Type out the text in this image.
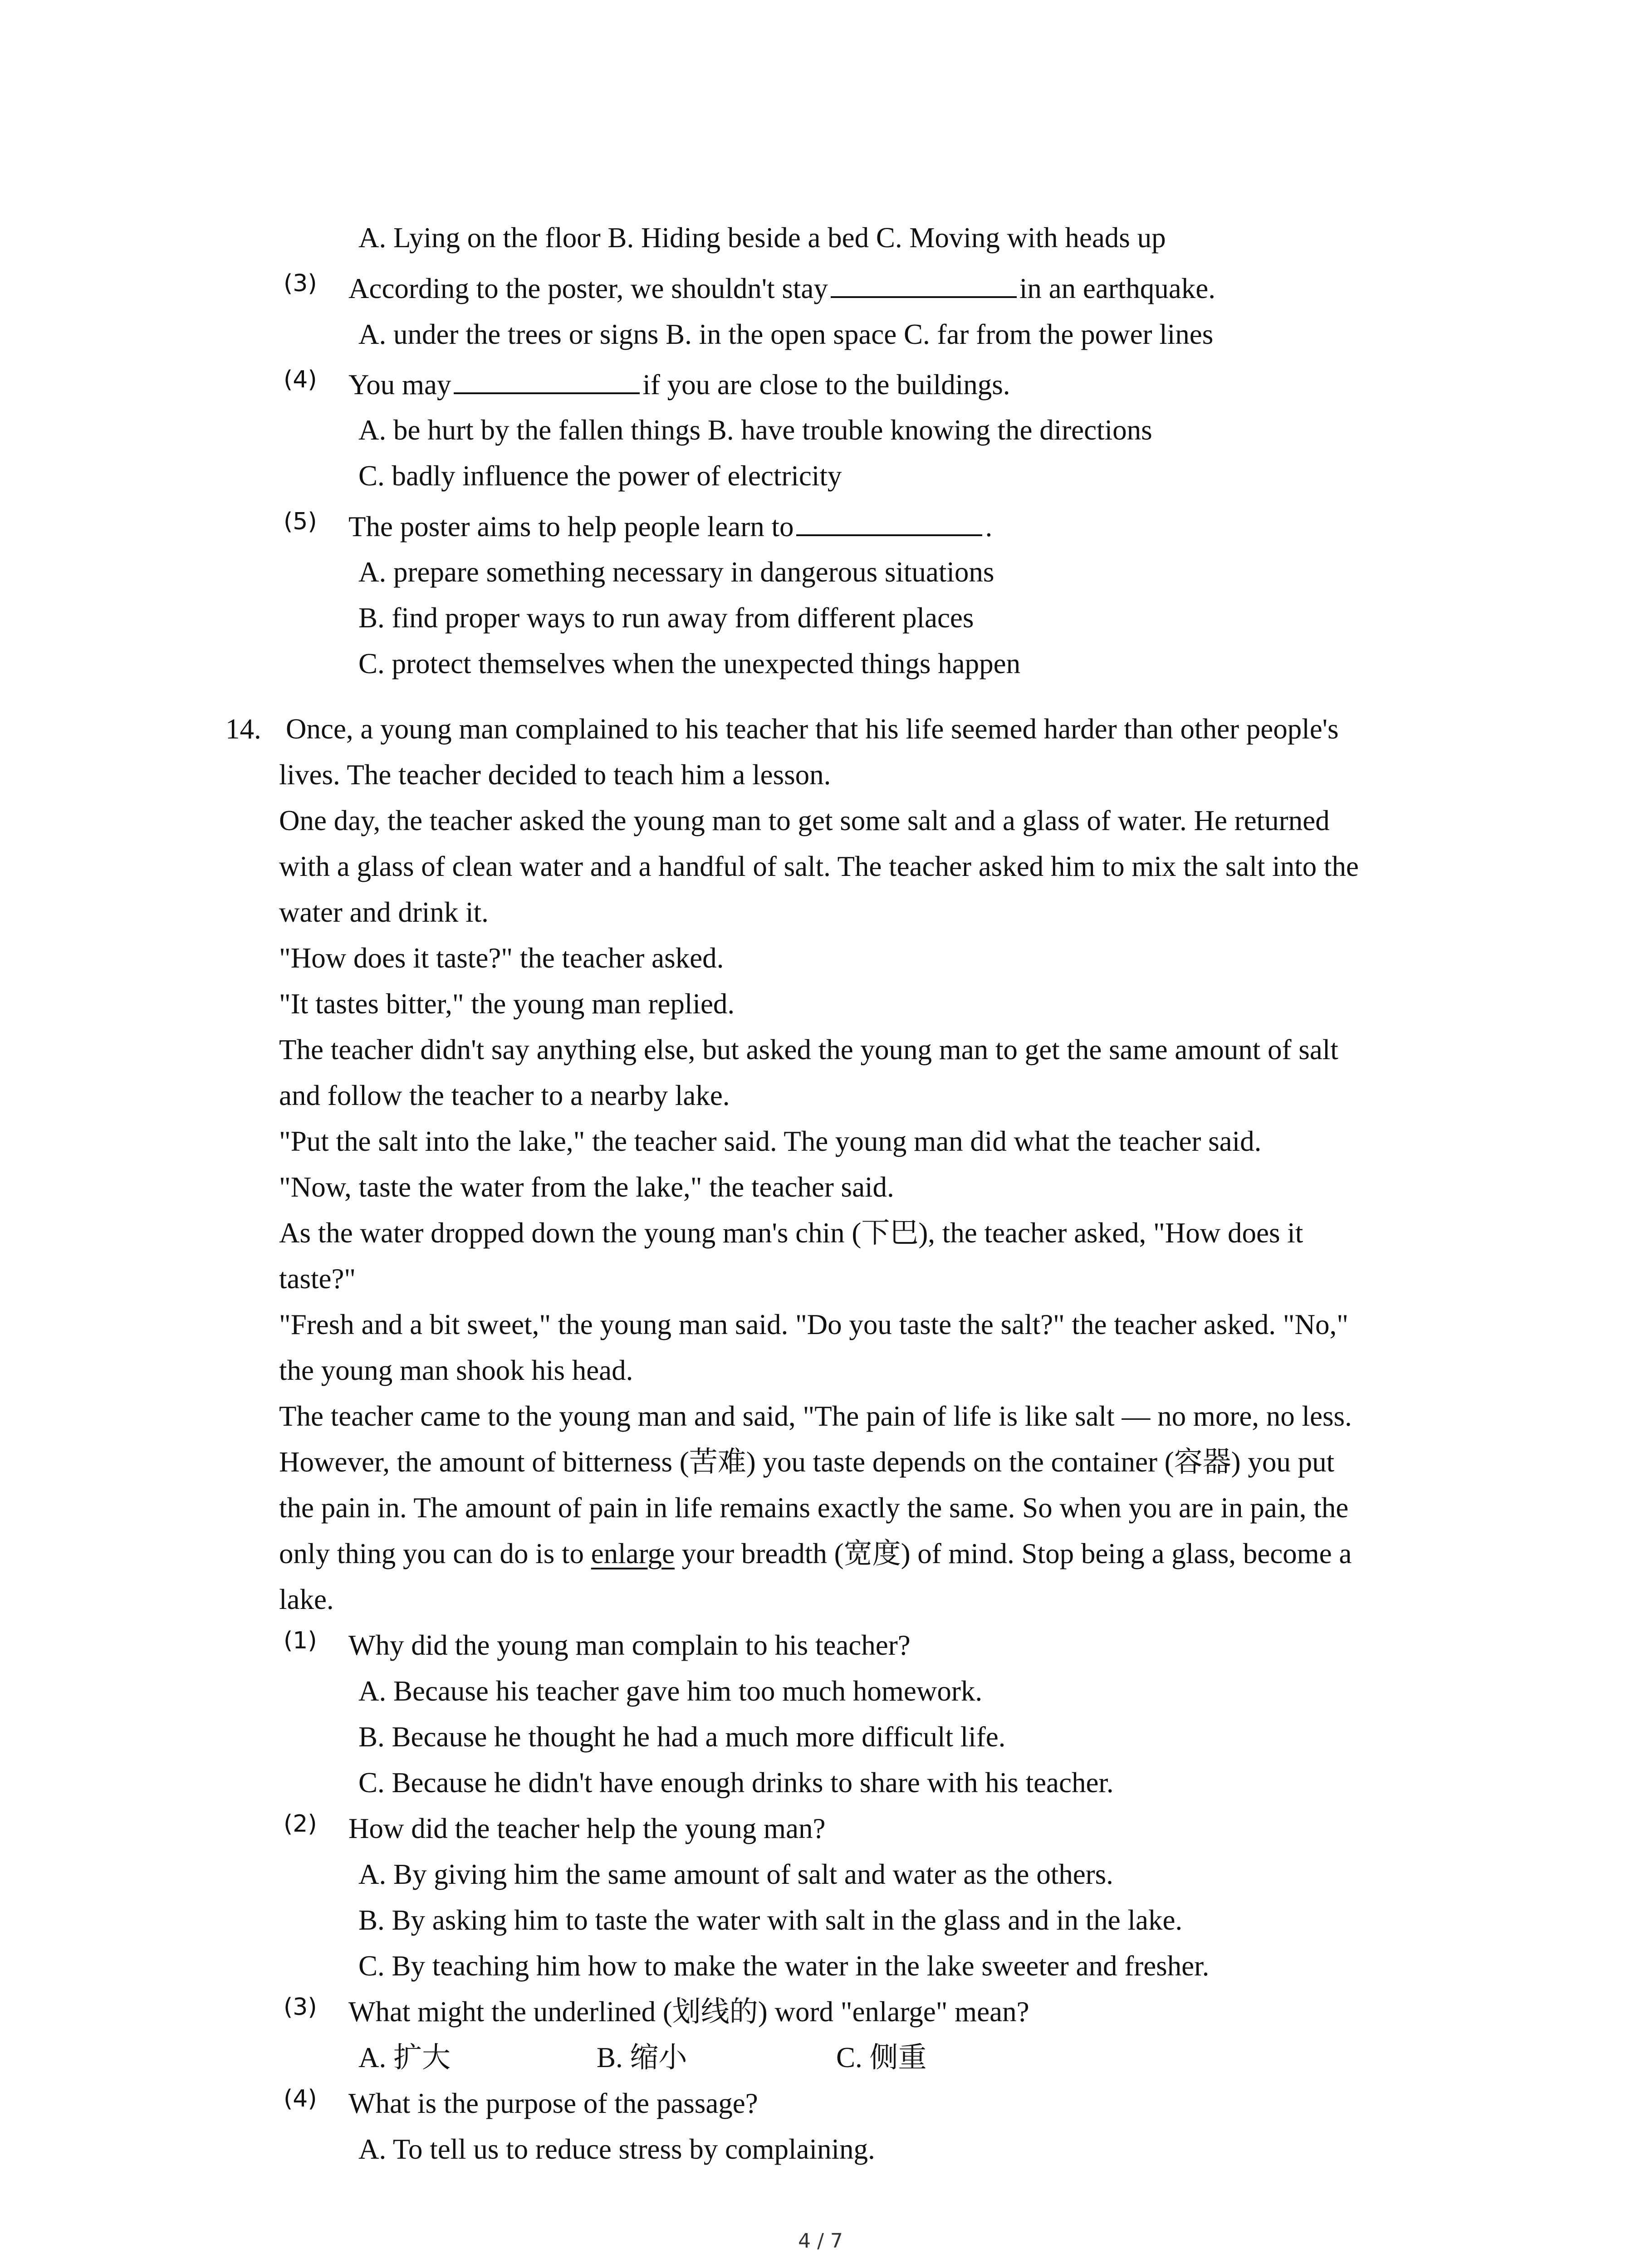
A. Lying on the floor B. Hiding beside a bed C. Moving with heads up
(3) According to the poster, we shouldn't stay	in an earthquake.
A. under the trees or signs B. in the open space C. far from the power lines
(4) You may	if you are close to the buildings.
A. be hurt by the fallen things B. have trouble knowing the directions
C. badly influence the power of electricity
(5) The poster aims to help people learn to	.
A. prepare something necessary in dangerous situations
B. find proper ways to run away from different places
C. protect themselves when the unexpected things happen
14. Once, a young man complained to his teacher that his life seemed harder than other people's
lives. The teacher decided to teach him a lesson.
One day, the teacher asked the young man to get some salt and a glass of water. He returned
with a glass of clean water and a handful of salt. The teacher asked him to mix the salt into the
water and drink it.
"How does it taste?" the teacher asked.
"It tastes bitter," the young man replied.
The teacher didn't say anything else, but asked the young man to get the same amount of salt
and follow the teacher to a nearby lake.
"Put the salt into the lake," the teacher said. The young man did what the teacher said.
"Now, taste the water from the lake," the teacher said.
As the water dropped down the young man's chin (下巴), the teacher asked, "How does it
taste?"
"Fresh and a bit sweet," the young man said. "Do you taste the salt?" the teacher asked. "No,"
the young man shook his head.
The teacher came to the young man and said, "The pain of life is like salt — no more, no less.
However, the amount of bitterness (苦难) you taste depends on the container (容器) you put
the pain in. The amount of pain in life remains exactly the same. So when you are in pain, the
only thing you can do is to enlarge your breadth (宽度) of mind. Stop being a glass, become a
lake.
(1) Why did the young man complain to his teacher?
A. Because his teacher gave him too much homework.
B. Because he thought he had a much more difficult life.
C. Because he didn't have enough drinks to share with his teacher.
(2) How did the teacher help the young man?
A. By giving him the same amount of salt and water as the others.
B. By asking him to taste the water with salt in the glass and in the lake.
C. By teaching him how to make the water in the lake sweeter and fresher.
(3) What might the underlined (划线的) word "enlarge" mean?
A. 扩大	B. 缩小	C. 侧重
(4) What is the purpose of the passage?
A. To tell us to reduce stress by complaining.
4 / 7
